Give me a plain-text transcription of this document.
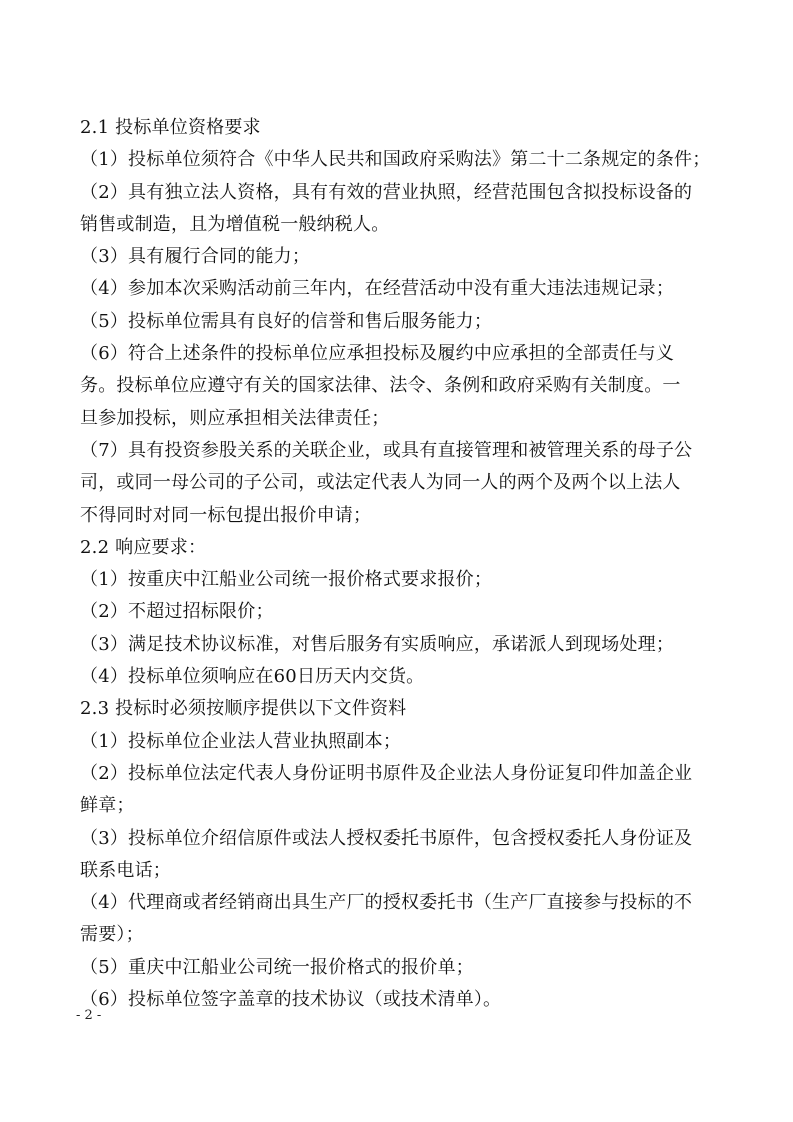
2.1 投标单位资格要求
（1）投标单位须符合《中华人民共和国政府采购法》第二十二条规定的条件；
（2）具有独立法人资格，具有有效的营业执照，经营范围包含拟投标设备的
销售或制造，且为增值税一般纳税人。
（3）具有履行合同的能力；
（4）参加本次采购活动前三年内，在经营活动中没有重大违法违规记录；
（5）投标单位需具有良好的信誉和售后服务能力；
（6）符合上述条件的投标单位应承担投标及履约中应承担的全部责任与义
务。投标单位应遵守有关的国家法律、法令、条例和政府采购有关制度。一
旦参加投标，则应承担相关法律责任；
（7）具有投资参股关系的关联企业，或具有直接管理和被管理关系的母子公
司，或同一母公司的子公司，或法定代表人为同一人的两个及两个以上法人
不得同时对同一标包提出报价申请；
2.2 响应要求：
（1）按重庆中江船业公司统一报价格式要求报价；
（2）不超过招标限价；
（3）满足技术协议标准，对售后服务有实质响应，承诺派人到现场处理；
（4）投标单位须响应在60日历天内交货。
2.3 投标时必须按顺序提供以下文件资料
（1）投标单位企业法人营业执照副本；
（2）投标单位法定代表人身份证明书原件及企业法人身份证复印件加盖企业
鲜章；
（3）投标单位介绍信原件或法人授权委托书原件，包含授权委托人身份证及
联系电话；
（4）代理商或者经销商出具生产厂的授权委托书（生产厂直接参与投标的不
需要）；
（5）重庆中江船业公司统一报价格式的报价单；
（6）投标单位签字盖章的技术协议（或技术清单）。
- 2 -
